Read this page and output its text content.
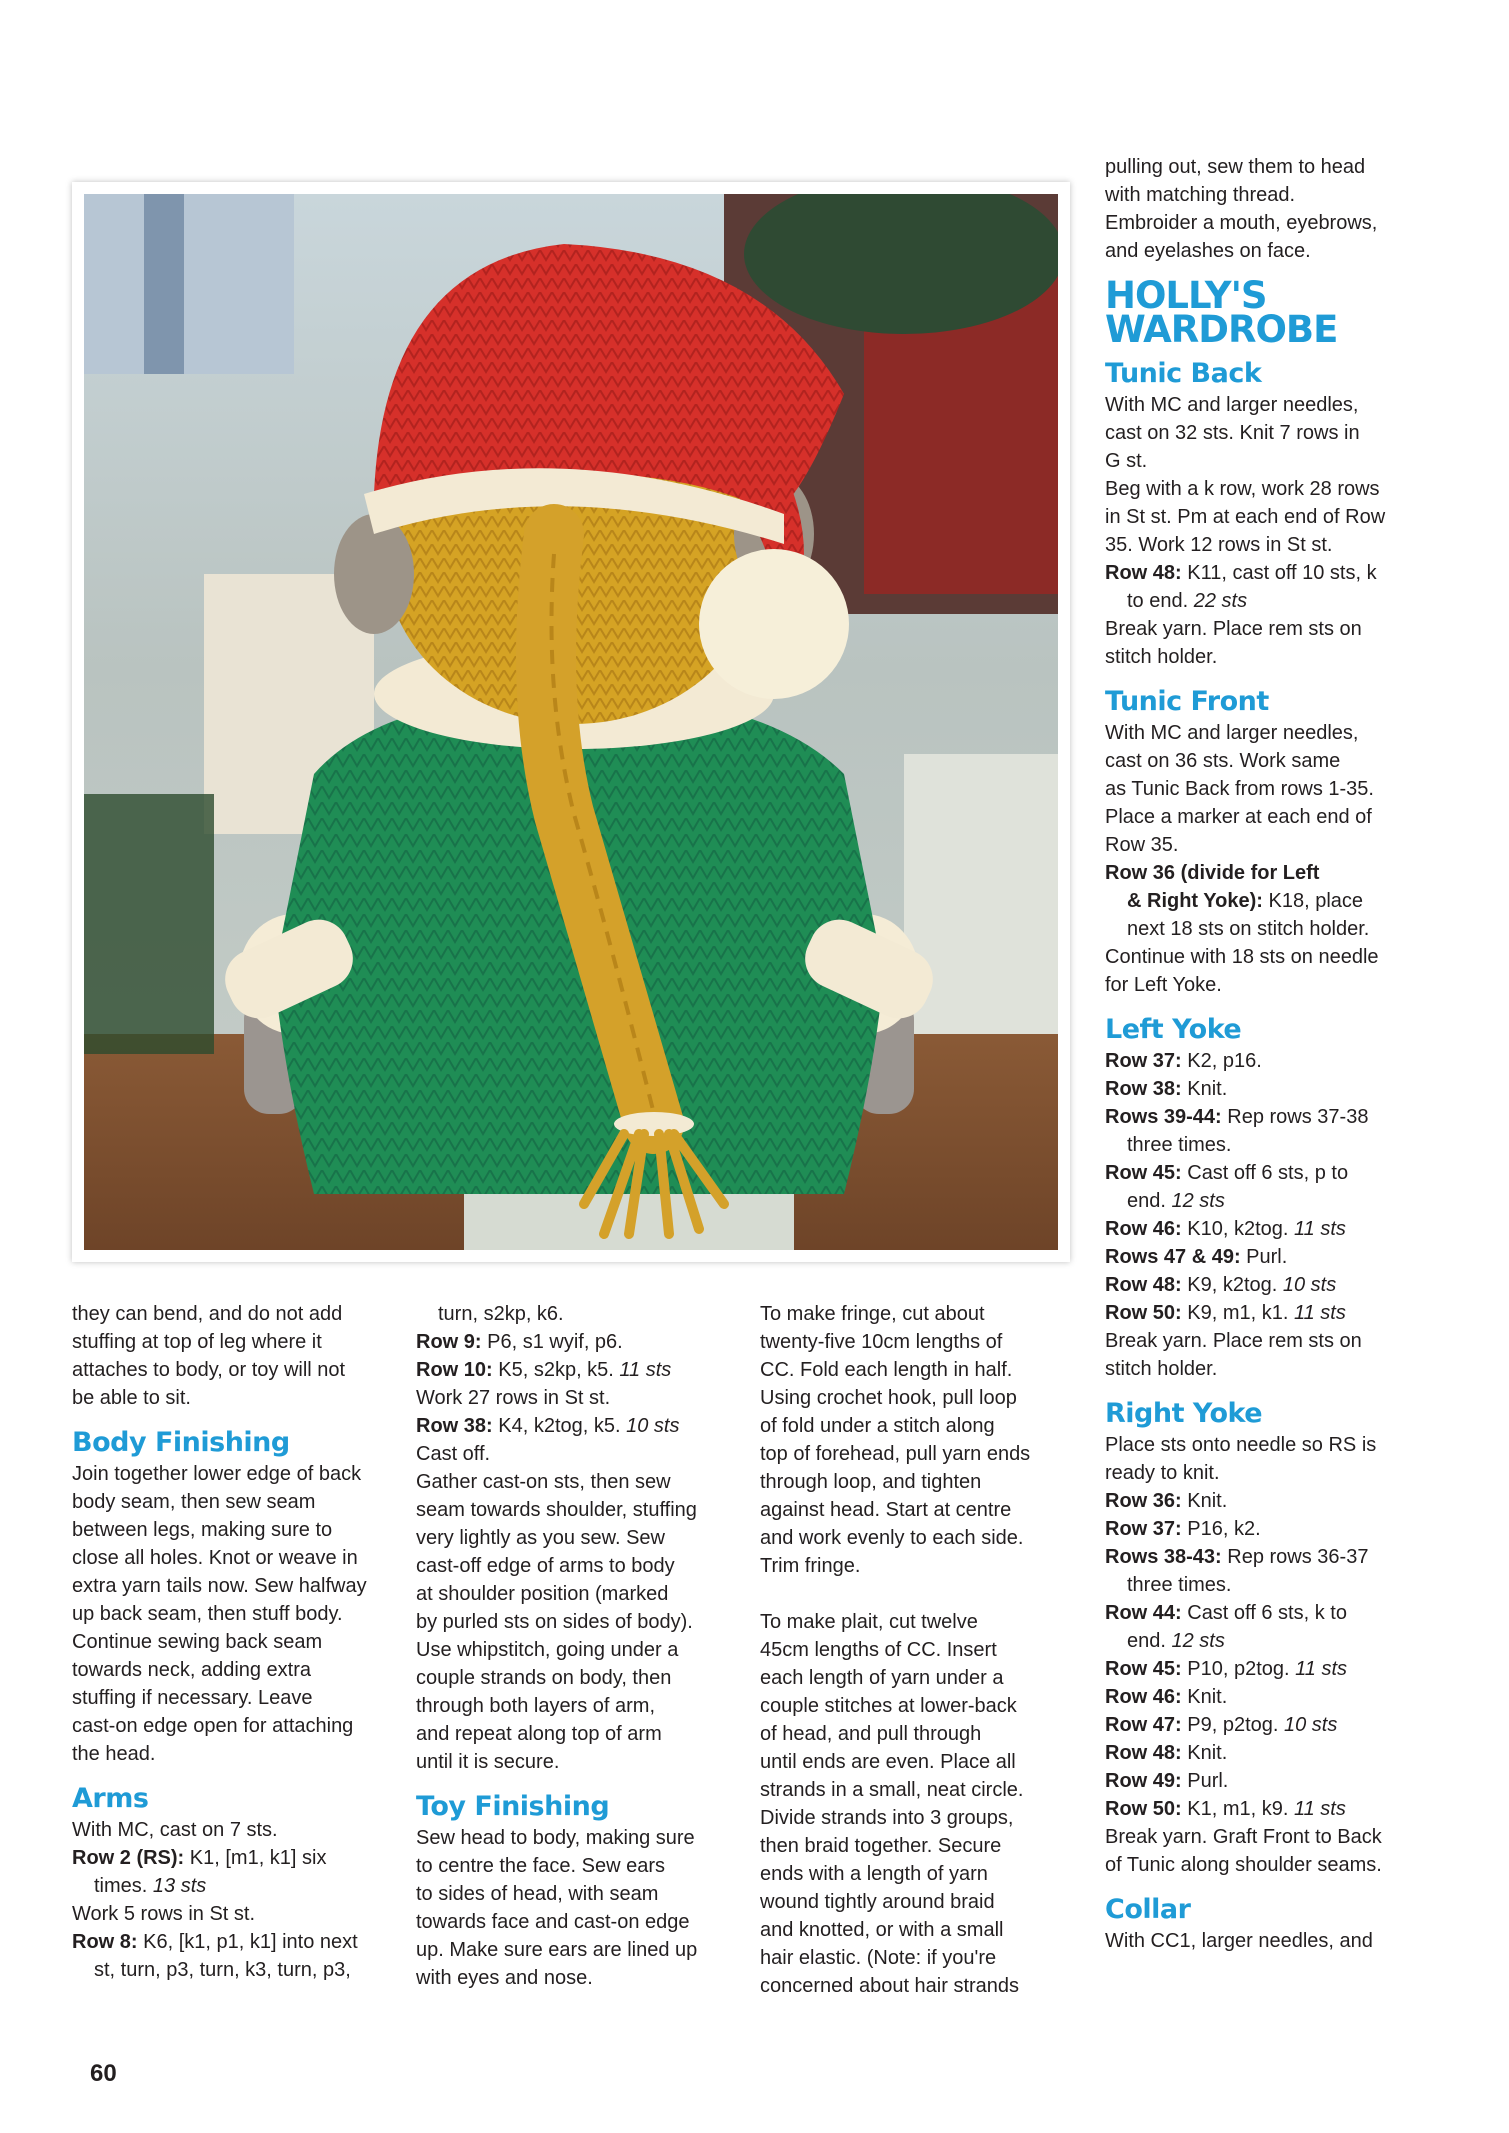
they can bend, and do not add

stuffing at top of leg where it

attaches to body, or toy will not

be able to sit.

Body Finishing

Join together lower edge of back

body seam, then sew seam

between legs, making sure to

close all holes. Knot or weave in

extra yarn tails now. Sew halfway

up back seam, then stuff body.

Continue sewing back seam

towards neck, adding extra

stuffing if necessary. Leave

cast-on edge open for attaching

the head.

Arms

With MC, cast on 7 sts.

Row 2 (RS): K1, [m1, k1] six

times. 13 sts

Work 5 rows in St st.

Row 8: K6, [k1, p1, k1] into next

st, turn, p3, turn, k3, turn, p3,

turn, s2kp, k6.

Row 9: P6, s1 wyif, p6.

Row 10: K5, s2kp, k5. 11 sts

Work 27 rows in St st.

Row 38: K4, k2tog, k5. 10 sts

Cast off.

Gather cast-on sts, then sew

seam towards shoulder, stuffing

very lightly as you sew. Sew

cast-off edge of arms to body

at shoulder position (marked

by purled sts on sides of body).

Use whipstitch, going under a

couple strands on body, then

through both layers of arm,

and repeat along top of arm

until it is secure.

Toy Finishing

Sew head to body, making sure

to centre the face. Sew ears

to sides of head, with seam

towards face and cast-on edge

up. Make sure ears are lined up

with eyes and nose.

To make fringe, cut about

twenty-five 10cm lengths of

CC. Fold each length in half.

Using crochet hook, pull loop

of fold under a stitch along

top of forehead, pull yarn ends

through loop, and tighten

against head. Start at centre

and work evenly to each side.

Trim fringe.

To make plait, cut twelve

45cm lengths of CC. Insert

each length of yarn under a

couple stitches at lower-back

of head, and pull through

until ends are even. Place all

strands in a small, neat circle.

Divide strands into 3 groups,

then braid together. Secure

ends with a length of yarn

wound tightly around braid

and knotted, or with a small

hair elastic. (Note: if you're

concerned about hair strands

pulling out, sew them to head

with matching thread.

Embroider a mouth, eyebrows,

and eyelashes on face.

HOLLY'S
WARDROBE
Tunic Back

With MC and larger needles,

cast on 32 sts. Knit 7 rows in

G st.

Beg with a k row, work 28 rows

in St st. Pm at each end of Row

35. Work 12 rows in St st.

Row 48: K11, cast off 10 sts, k

to end. 22 sts

Break yarn. Place rem sts on

stitch holder.

Tunic Front

With MC and larger needles,

cast on 36 sts. Work same

as Tunic Back from rows 1-35.

Place a marker at each end of

Row 35.

Row 36 (divide for Left

& Right Yoke): K18, place

next 18 sts on stitch holder.

Continue with 18 sts on needle

for Left Yoke.

Left Yoke

Row 37: K2, p16.

Row 38: Knit.

Rows 39-44: Rep rows 37-38

three times.

Row 45: Cast off 6 sts, p to

end. 12 sts

Row 46: K10, k2tog. 11 sts

Rows 47 & 49: Purl.

Row 48: K9, k2tog. 10 sts

Row 50: K9, m1, k1. 11 sts

Break yarn. Place rem sts on

stitch holder.

Right Yoke

Place sts onto needle so RS is

ready to knit.

Row 36: Knit.

Row 37: P16, k2.

Rows 38-43: Rep rows 36-37

three times.

Row 44: Cast off 6 sts, k to

end. 12 sts

Row 45: P10, p2tog. 11 sts

Row 46: Knit.

Row 47: P9, p2tog. 10 sts

Row 48: Knit.

Row 49: Purl.

Row 50: K1, m1, k9. 11 sts

Break yarn. Graft Front to Back

of Tunic along shoulder seams.

Collar

With CC1, larger needles, and

60
